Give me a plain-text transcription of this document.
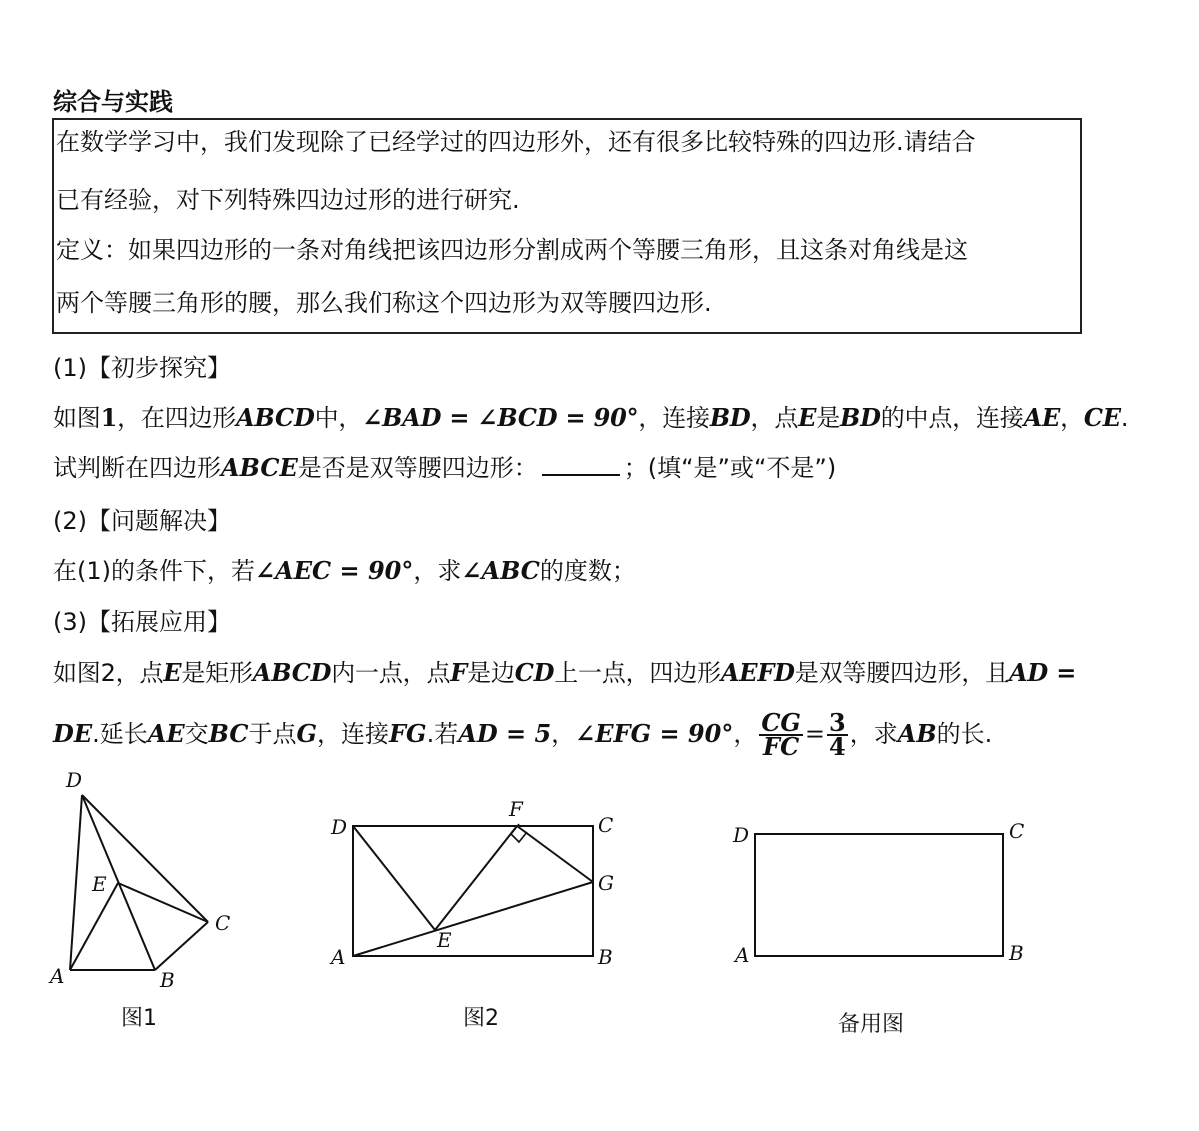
综合与实践
在数学学习中，我们发现除了已经学过的四边形外，还有很多比较特殊的四边形.请结合
已有经验，对下列特殊四边过形的进行研究.
定义：如果四边形的一条对角线把该四边形分割成两个等腰三角形，且这条对角线是这
两个等腰三角形的腰，那么我们称这个四边形为双等腰四边形.
(1)【初步探究】
如图1，在四边形ABCD中，∠BAD = ∠BCD = 90°，连接BD，点E是BD的中点，连接AE，CE.
试判断在四边形ABCE是否是双等腰四边形：	；(填“是”或“不是”)
(2)【问题解决】
在(1)的条件下，若∠AEC = 90°，求∠ABC的度数；
(3)【拓展应用】
如图2，点E是矩形ABCD内一点，点F是边CD上一点，四边形AEFD是双等腰四边形，且AD =
DE.延长AE交BC于点G，连接FG.若AD = 5，∠EFG = 90°， $\frac{CG}{FC} = \frac{3}{4}$ ，求AB的长.
D
E
C
A	B
图1
D
F
C
G
E
A	B
图2
D	C
A	B
备用图
